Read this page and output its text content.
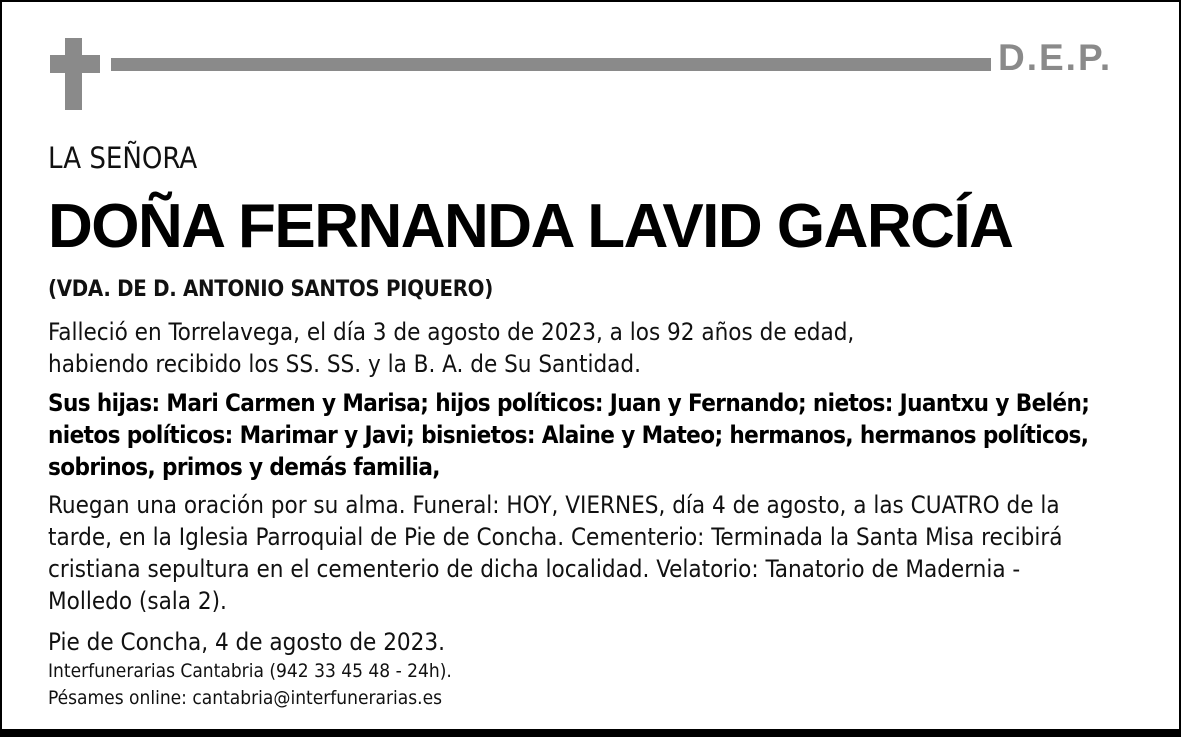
D.E.P.
LA SEÑORA
DOÑA FERNANDA LAVID GARCÍA
(VDA. DE D. ANTONIO SANTOS PIQUERO)
Falleció en Torrelavega, el día 3 de agosto de 2023, a los 92 años de edad,
habiendo recibido los SS. SS. y la B. A. de Su Santidad.
Sus hijas: Mari Carmen y Marisa; hijos políticos: Juan y Fernando; nietos: Juantxu y Belén;
nietos políticos: Marimar y Javi; bisnietos: Alaine y Mateo; hermanos, hermanos políticos,
sobrinos, primos y demás familia,
Ruegan una oración por su alma. Funeral: HOY, VIERNES, día 4 de agosto, a las CUATRO de la
tarde, en la Iglesia Parroquial de Pie de Concha. Cementerio: Terminada la Santa Misa recibirá
cristiana sepultura en el cementerio de dicha localidad. Velatorio: Tanatorio de Madernia -
Molledo (sala 2).
Pie de Concha, 4 de agosto de 2023.
Interfunerarias Cantabria (942 33 45 48 - 24h).
Pésames online: cantabria@interfunerarias.es
